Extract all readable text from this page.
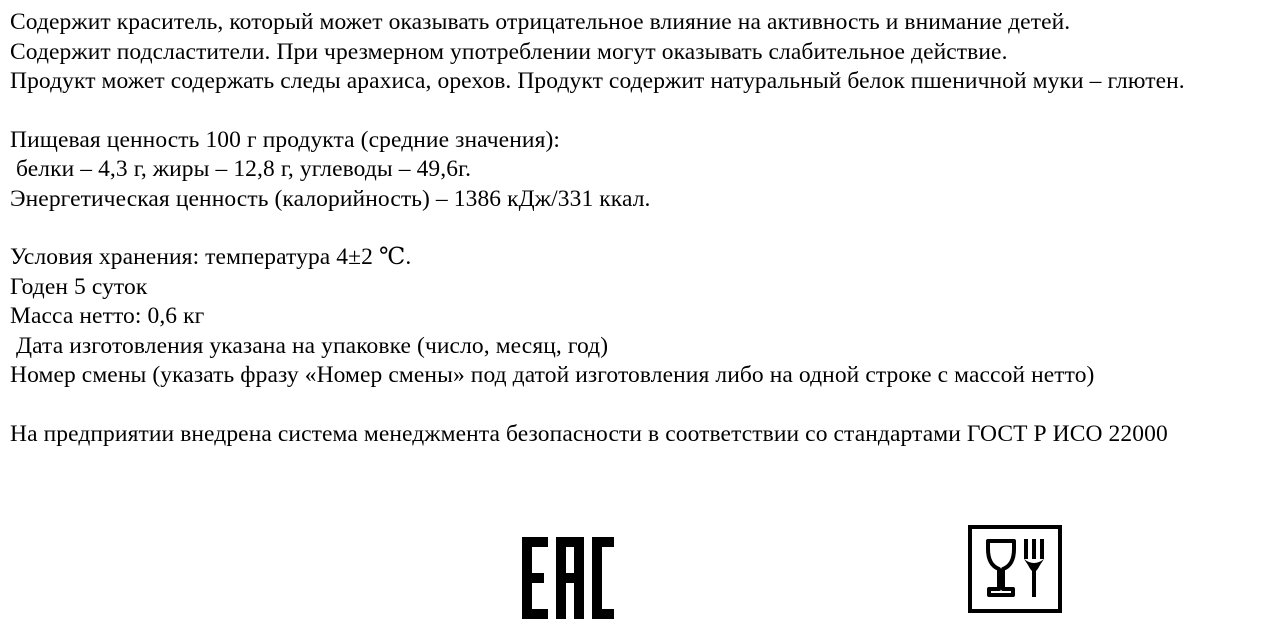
Содержит краситель, который может оказывать отрицательное влияние на активность и внимание детей.
Содержит подсластители. При чрезмерном употреблении могут оказывать слабительное действие.
Продукт может содержать следы арахиса, орехов. Продукт содержит натуральный белок пшеничной муки – глютен.
Пищевая ценность 100 г продукта (средние значения):
белки – 4,3 г, жиры – 12,8 г, углеводы – 49,6г.
Энергетическая ценность (калорийность) – 1386 кДж/331 ккал.
Условия хранения: температура 4±2 ℃.
Годен 5 суток
Масса нетто: 0,6 кг
Дата изготовления указана на упаковке (число, месяц, год)
Номер смены (указать фразу «Номер смены» под датой изготовления либо на одной строке с массой нетто)
На предприятии внедрена система менеджмента безопасности в соответствии со стандартами ГОСТ Р ИСО 22000
